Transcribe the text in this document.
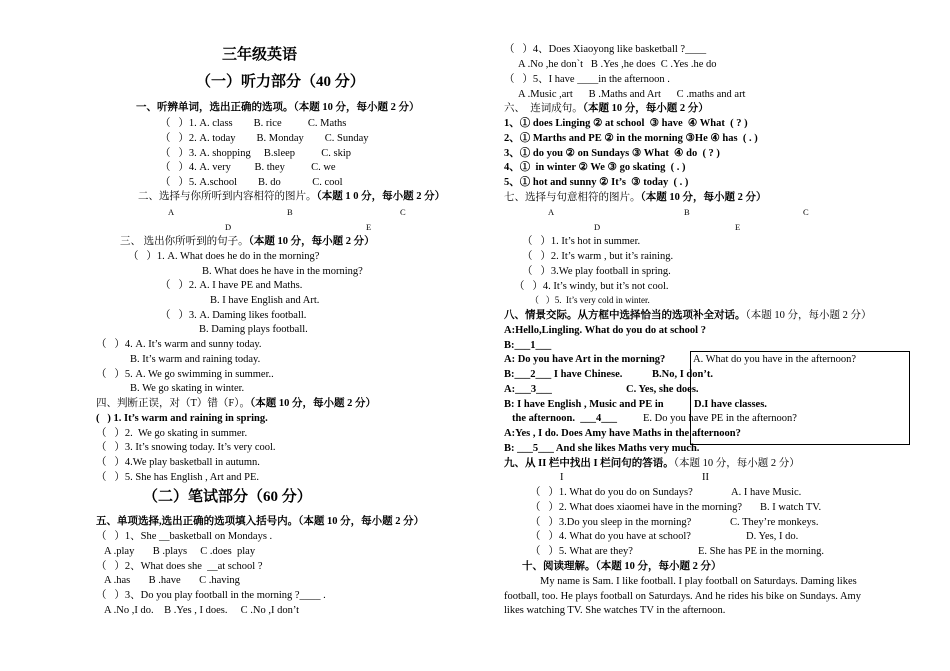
三年级英语
（一）听力部分（40 分）
一、听辨单词，选出正确的选项。（本题 10 分，每小题 2 分）
（   ）1. A. class        B. rice          C. Maths
（   ）2. A. today        B. Monday        C. Sunday
（   ）3. A. shopping     B.sleep          C. skip
（   ）4. A. very         B. they          C. we
（   ）5. A.school        B. do            C. cool
二、选择与你所听到内容相符的图片。（本题 1 0 分，每小题 2 分）
A	B	C
D	E
三、 选出你所听到的句子。（本题 10 分，每小题 2 分）
（   ）1. A. What does he do in the morning?
B. What does he have in the morning?
（   ）2. A. I have PE and Maths.
B. I have English and Art.
（   ）3. A. Daming likes football.
B. Daming plays football.
（   ）4. A. It’s warm and sunny today.
B. It’s warm and raining today.
（   ）5. A. We go swimming in summer..
B. We go skating in winter.
四、判断正误，对（T）错（F）。（本题 10 分，每小题 2 分）
(   ) 1. It’s warm and raining in spring.
（   ）2.  We go skating in summer.
（   ）3. It’s snowing today. It’s very cool.
（   ）4.We play basketball in autumn.
（   ）5. She has English , Art and PE.
（二）笔试部分（60 分）
五、单项选择,选出正确的选项填入括号内。（本题 10 分，每小题 2 分）
（   ）1、She __basketball on Mondays .
A .play       B .plays     C .does  play
（   ）2、What does she  __at school ?
A .has       B .have       C .having
（   ）3、Do you play football in the morning ?____ .
A .No ,I do.    B .Yes , I does.     C .No ,I don’t
（   ）4、Does Xiaoyong like basketball ?____
A .No ,he don`t   B .Yes ,he does  C .Yes .he do
（   ）5、I have ____in the afternoon .
A .Music ,art      B .Maths and Art      C .maths and art
六、  连词成句。（本题 10 分，每小题 2 分）
1、① does Linging ② at school  ③ have  ④ What  ( ? )
2、① Marths and PE ② in the morning ③He ④ has  ( . )
3、① do you ② on Sundays ③ What  ④ do  ( ? )
4、①  in winter ② We ③ go skating  ( . )
5、① hot and sunny ② It’s  ③ today  ( . )
七、选择与句意相符的图片。（本题 10 分，每小题 2 分）
A	B	C
D	E
（   ）1. It’s hot in summer.
（   ）2. It’s warm , but it’s raining.
（   ）3.We play football in spring.
（   ）4. It’s windy, but it’s not cool.
（   ）5.  It’s very cold in winter.
八、情景交际。从方框中选择恰当的选项补全对话。（本题 10 分，每小题 2 分）
A:Hello,Lingling. What do you do at school ?
B:___1___
A: Do you have Art in the morning?
B:___2___ I have Chinese.
A:___3___
B: I have English , Music and PE in
the afternoon.  ___4___
A:Yes , I do. Does Amy have Maths in the afternoon?
B: ___5___ And she likes Maths very much.
A. What do you have in the afternoon?
B.No, I don’t.
C. Yes, she does.
D.I have classes.
E. Do you have PE in the afternoon?
九、从 II 栏中找出 I 栏问句的答语。（本题 10 分，每小题 2 分）
I	II
（   ）1. What do you do on Sundays?	A. I have Music.
（   ）2. What does xiaomei have in the morning? B. I watch TV.
（   ）3.Do you sleep in the morning?	C. They’re monkeys.
（   ）4. What do you have at school?	D. Yes, I do.
（   ）5. What are they?	E. She has PE in the morning.
十、阅读理解。（本题 10 分，每小题 2 分）
My name is Sam. I like football. I play football on Saturdays. Daming likes
football, too. He plays football on Saturdays. And he rides his bike on Sundays. Amy
likes watching TV. She watches TV in the afternoon.
